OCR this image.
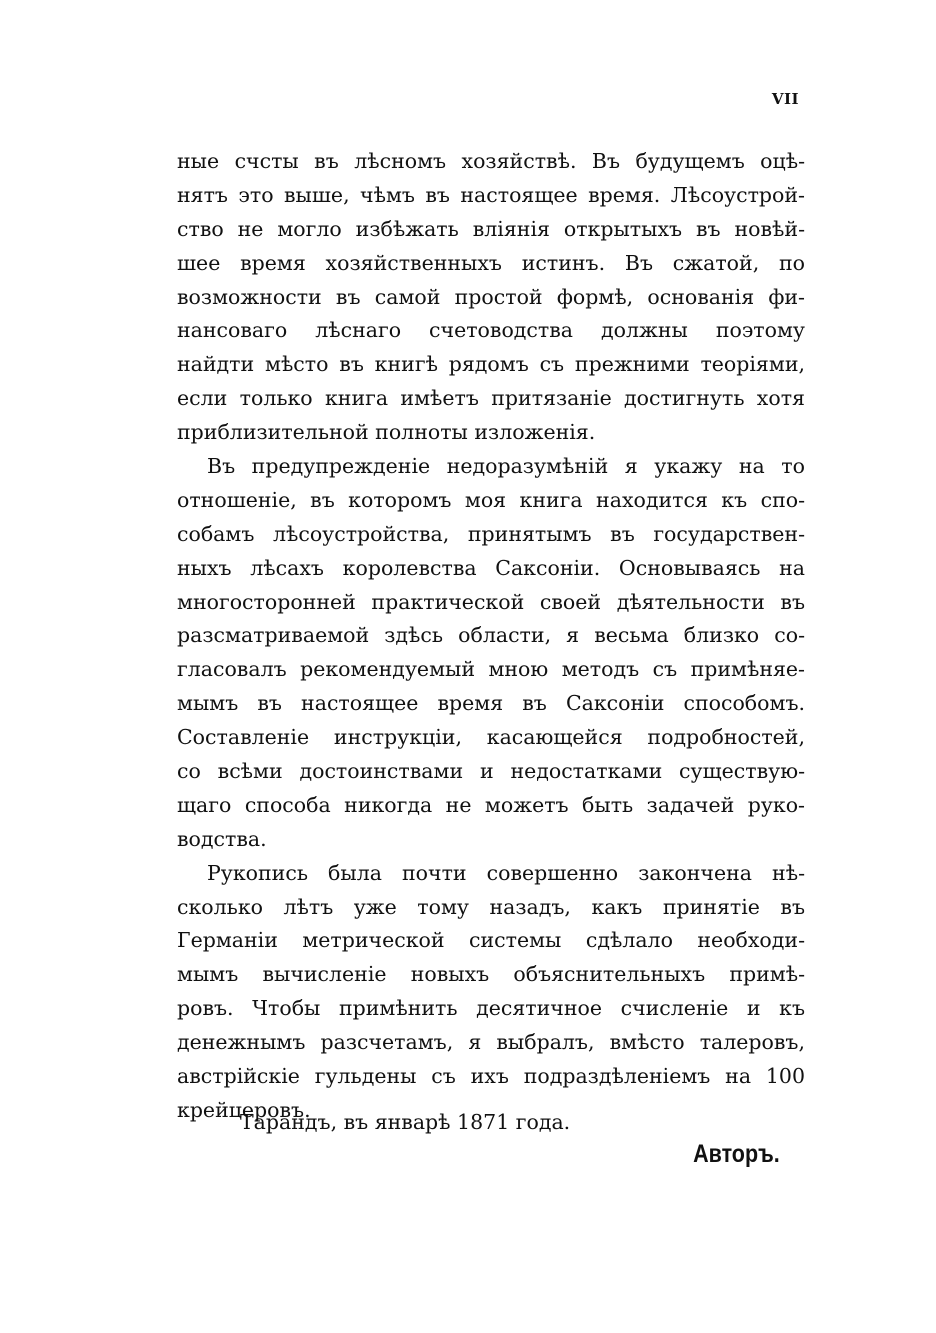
VII
ные счсты въ лѣсномъ хозяйствѣ. Въ будущемъ оцѣ-
нятъ это выше, чѣмъ въ настоящее время. Лѣсоустрой-
ство не могло избѣжать вліянія открытыхъ въ новѣй-
шее время хозяйственныхъ истинъ. Въ сжатой, по
возможности въ самой простой формѣ, основанія фи-
нансоваго лѣснаго счетоводства должны поэтому
найдти мѣсто въ книгѣ рядомъ съ прежними теоріями,
если только книга имѣетъ притязаніе достигнуть хотя
приблизительной полноты изложенія.
Въ предупрежденіе недоразумѣній я укажу на то
отношеніе, въ которомъ моя книга находится къ спо-
собамъ лѣсоустройства, принятымъ въ государствен-
ныхъ лѣсахъ королевства Саксоніи. Основываясь на
многосторонней практической своей дѣятельности въ
разсматриваемой здѣсь области, я весьма близко со-
гласовалъ рекомендуемый мною методъ съ примѣняе-
мымъ въ настоящее время въ Саксоніи способомъ.
Составленіе инструкціи, касающейся подробностей,
со всѣми достоинствами и недостатками существую-
щаго способа никогда не можетъ быть задачей руко-
водства.
Рукопись была почти совершенно закончена нѣ-
сколько лѣтъ уже тому назадъ, какъ принятіе въ
Германіи метрической системы сдѣлало необходи-
мымъ вычисленіе новыхъ объяснительныхъ примѣ-
ровъ. Чтобы примѣнить десятичное счисленіе и къ
денежнымъ разсчетамъ, я выбралъ, вмѣсто талеровъ,
австрійскіе гульдены съ ихъ подраздѣленіемъ на 100
крейцеровъ.
Тарандъ, въ январѣ 1871 года.
Авторъ.
